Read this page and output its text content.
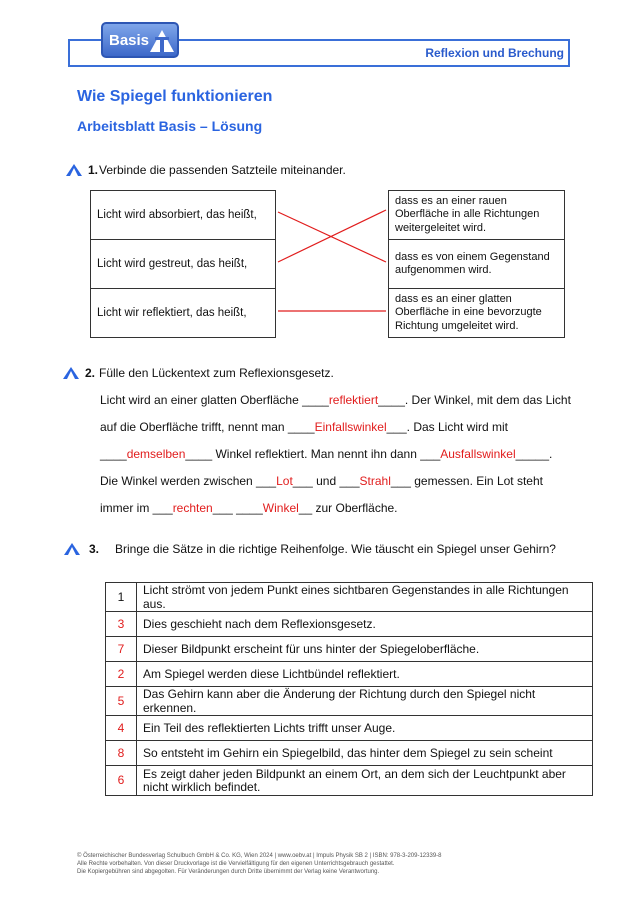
Basis
Reflexion und Brechung
Wie Spiegel funktionieren
Arbeitsblatt Basis – Lösung
1. Verbinde die passenden Satzteile miteinander.
Licht wird absorbiert, das heißt,
Licht wird gestreut, das heißt,
Licht wir reflektiert, das heißt,
dass es an einer rauen Oberfläche in alle Richtungen weitergeleitet wird.
dass es von einem Gegenstand aufgenommen wird.
dass es an einer glatten Oberfläche in eine bevorzugte Richtung umgeleitet wird.
2. Fülle den Lückentext zum Reflexionsgesetz.
Licht wird an einer glatten Oberfläche ____reflektiert____. Der Winkel, mit dem das Licht
auf die Oberfläche trifft, nennt man ____Einfallswinkel___. Das Licht wird mit
____demselben____ Winkel reflektiert. Man nennt ihn dann ___Ausfallswinkel_____.
Die Winkel werden zwischen ___Lot___ und ___Strahl___ gemessen. Ein Lot steht
immer im ___rechten___ ____Winkel__ zur Oberfläche.
3. Bringe die Sätze in die richtige Reihenfolge. Wie täuscht ein Spiegel unser Gehirn?
1	Licht strömt von jedem Punkt eines sichtbaren Gegenstandes in alle Richtungen aus.
3	Dies geschieht nach dem Reflexionsgesetz.
7	Dieser Bildpunkt erscheint für uns hinter der Spiegeloberfläche.
2	Am Spiegel werden diese Lichtbündel reflektiert.
5	Das Gehirn kann aber die Änderung der Richtung durch den Spiegel nicht erkennen.
4	Ein Teil des reflektierten Lichts trifft unser Auge.
8	So entsteht im Gehirn ein Spiegelbild, das hinter dem Spiegel zu sein scheint
6	Es zeigt daher jeden Bildpunkt an einem Ort, an dem sich der Leuchtpunkt aber nicht wirklich befindet.
© Österreichischer Bundesverlag Schulbuch GmbH & Co. KG, Wien 2024 | www.oebv.at | Impuls Physik SB 2 | ISBN: 978-3-209-12339-8
Alle Rechte vorbehalten. Von dieser Druckvorlage ist die Vervielfältigung für den eigenen Unterrichtsgebrauch gestattet.
Die Kopiergebühren sind abgegolten. Für Veränderungen durch Dritte übernimmt der Verlag keine Verantwortung.
